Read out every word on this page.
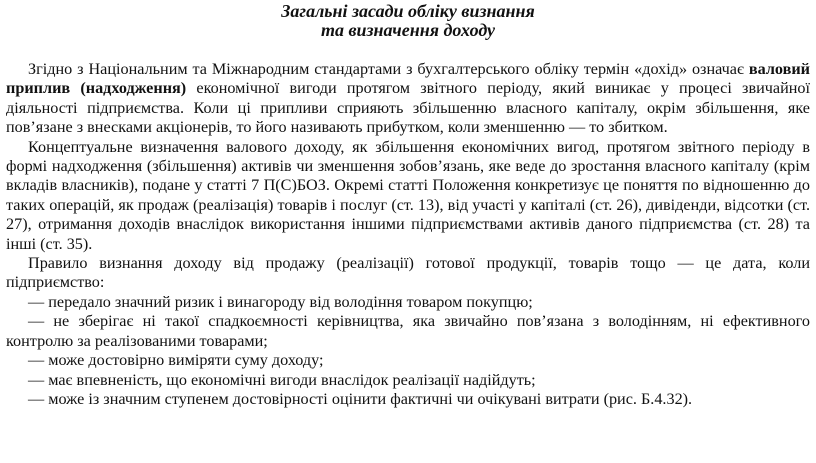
Загальні засади обліку визнання

та визначення доходу

Згідно з Національним та Міжнародним стандартами з бухгалтерського обліку термін «дохід» означає валовий приплив (надходження) економічної вигоди протягом звітного періоду, який виникає у процесі звичайної діяльності підприємства. Коли ці припливи сприяють збільшенню власного капіталу, окрім збільшення, яке пов’язане з внесками акціонерів, то його називають прибутком, коли зменшенню — то збитком.

Концептуальне визначення валового доходу, як збільшення економічних вигод, протягом звітного періоду в формі надходження (збільшення) активів чи зменшення зобов’язань, яке веде до зростання власного капіталу (крім вкладів власників), подане у статті 7 П(С)БОЗ. Окремі статті Положення конкретизує це поняття по відношенню до таких операцій, як продаж (реалізація) товарів і послуг (ст. 13), від участі у капіталі (ст. 26), дивіденди, відсотки (ст. 27), отримання доходів внаслідок використання іншими підприємствами активів даного підприємства (ст. 28) та інші (ст. 35).

Правило визнання доходу від продажу (реалізації) готової продукції, товарів тощо — це дата, коли підприємство:

— передало значний ризик і винагороду від володіння товаром покупцю;

— не зберігає ні такої спадкоємності керівництва, яка звичайно пов’язана з володінням, ні ефективного контролю за реалізованими товарами;

— може достовірно виміряти суму доходу;

— має впевненість, що економічні вигоди внаслідок реалізації надійдуть;

— може із значним ступенем достовірності оцінити фактичні чи очікувані витрати (рис. Б.4.32).
